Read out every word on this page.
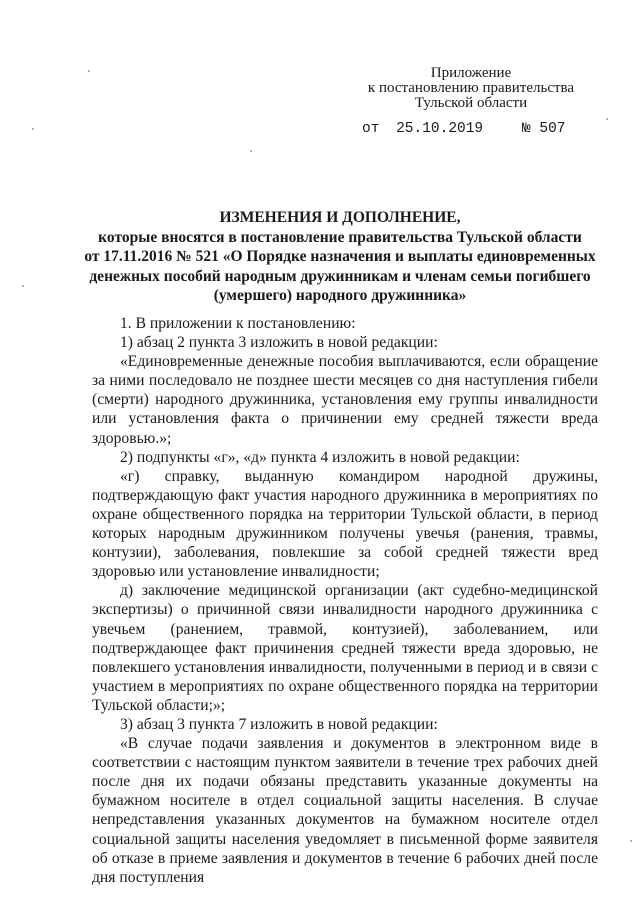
Приложение
к постановлению правительства
Тульской области
от 25.10.2019	№ 507
ИЗМЕНЕНИЯ И ДОПОЛНЕНИЕ,
которые вносятся в постановление правительства Тульской области
от 17.11.2016 № 521 «О Порядке назначения и выплаты единовременных
денежных пособий народным дружинникам и членам семьи погибшего
(умершего) народного дружинника»

1. В приложении к постановлению:

1) абзац 2 пункта 3 изложить в новой редакции:

«Единовременные денежные пособия выплачиваются, если обращение за ними последовало не позднее шести месяцев со дня наступления гибели (смерти) народного дружинника, установления ему группы инвалидности или установления факта о причинении ему средней тяжести вреда здоровью.»;

2) подпункты «г», «д» пункта 4 изложить в новой редакции:

«г) справку, выданную командиром народной дружины, подтверждающую факт участия народного дружинника в мероприятиях по охране общественного порядка на территории Тульской области, в период которых народным дружинником получены увечья (ранения, травмы, контузии), заболевания, повлекшие за собой средней тяжести вред здоровью или установление инвалидности;

д) заключение медицинской организации (акт судебно-медицинской экспертизы) о причинной связи инвалидности народного дружинника с увечьем (ранением, травмой, контузией), заболеванием, или подтверждающее факт причинения средней тяжести вреда здоровью, не повлекшего установления инвалидности, полученными в период и в связи с участием в мероприятиях по охране общественного порядка на территории Тульской области;»;

3) абзац 3 пункта 7 изложить в новой редакции:

«В случае подачи заявления и документов в электронном виде в соответствии с настоящим пунктом заявители в течение трех рабочих дней после дня их подачи обязаны представить указанные документы на бумажном носителе в отдел социальной защиты населения. В случае непредставления указанных документов на бумажном носителе отдел социальной защиты населения уведомляет в письменной форме заявителя об отказе в приеме заявления и документов в течение 6 рабочих дней после дня поступления
